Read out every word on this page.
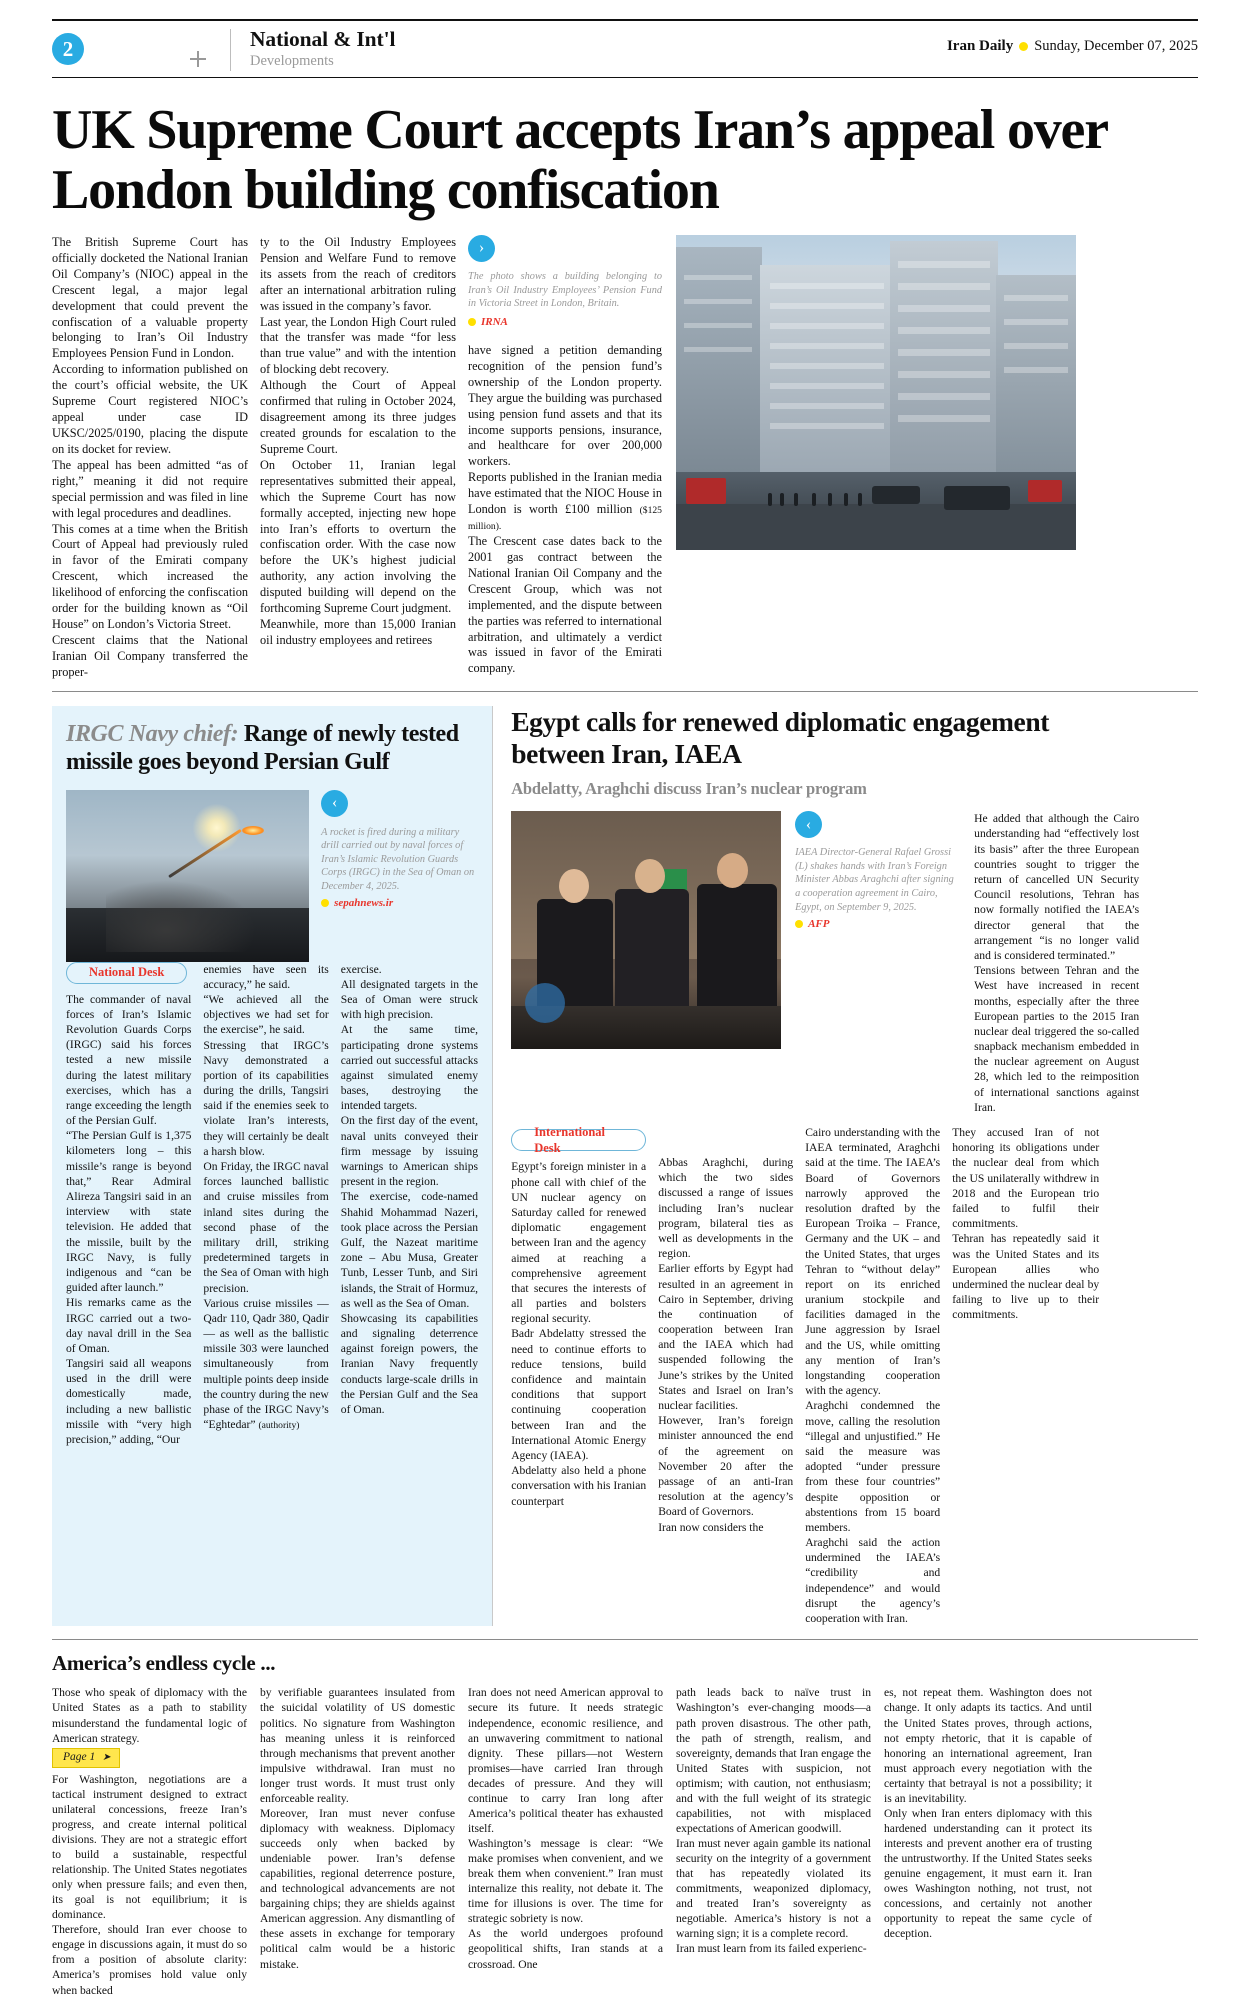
2	National & Int'l
Developments
Iran Daily Sunday, December 07, 2025
UK Supreme Court accepts Iran’s appeal over London building confiscation

The British Supreme Court has officially docketed the National Iranian Oil Company’s (NIOC) appeal in the Crescent legal, a major legal development that could prevent the confiscation of a valuable property belonging to Iran’s Oil Industry Employees Pension Fund in London.

According to information published on the court’s official website, the UK Supreme Court registered NIOC’s appeal under case ID UKSC/2025/0190, placing the dispute on its docket for review.

The appeal has been admitted “as of right,” meaning it did not require special permission and was filed in line with legal procedures and deadlines.

This comes at a time when the British Court of Appeal had previously ruled in favor of the Emirati company Crescent, which increased the likelihood of enforcing the confiscation order for the building known as “Oil House” on London’s Victoria Street.

Crescent claims that the National Iranian Oil Company transferred the proper-

ty to the Oil Industry Employees Pension and Welfare Fund to remove its assets from the reach of creditors after an international arbitration ruling was issued in the company’s favor.

Last year, the London High Court ruled that the transfer was made “for less than true value” and with the intention of blocking debt recovery.

Although the Court of Appeal confirmed that ruling in October 2024, disagreement among its three judges created grounds for escalation to the Supreme Court.

On October 11, Iranian legal representatives submitted their appeal, which the Supreme Court has now formally accepted, injecting new hope into Iran’s efforts to overturn the confiscation order. With the case now before the UK’s highest judicial authority, any action involving the disputed building will depend on the forthcoming Supreme Court judgment.

Meanwhile, more than 15,000 Iranian oil industry employees and retirees

›
The photo shows a building belonging to Iran’s Oil Industry Employees’ Pension Fund in Victoria Street in London, Britain.
IRNA

have signed a petition demanding recognition of the pension fund’s ownership of the London property. They argue the building was purchased using pension fund assets and that its income supports pensions, insurance, and healthcare for over 200,000 workers.

Reports published in the Iranian media have estimated that the NIOC House in London is worth £100 million ($125 million).

The Crescent case dates back to the 2001 gas contract between the National Iranian Oil Company and the Crescent Group, which was not implemented, and the dispute between the parties was referred to international arbitration, and ultimately a verdict was issued in favor of the Emirati company.

IRGC Navy chief: Range of newly tested missile goes beyond Persian Gulf
‹
A rocket is fired during a military drill carried out by naval forces of Iran’s Islamic Revolution Guards Corps (IRGC) in the Sea of Oman on December 4, 2025.
sepahnews.ir
National Desk

The commander of naval forces of Iran’s Islamic Revolution Guards Corps (IRGC) said his forces tested a new missile during the latest military exercises, which has a range exceeding the length of the Persian Gulf.

“The Persian Gulf is 1,375 kilometers long – this missile’s range is beyond that,” Rear Admiral Alireza Tangsiri said in an interview with state television. He added that the missile, built by the IRGC Navy, is fully indigenous and “can be guided after launch.”

His remarks came as the IRGC carried out a two-day naval drill in the Sea of Oman.

Tangsiri said all weapons used in the drill were domestically made, including a new ballistic missile with “very high precision,” adding, “Our

enemies have seen its accuracy,” he said.

“We achieved all the objectives we had set for the exercise”, he said.

Stressing that IRGC’s Navy demonstrated a portion of its capabilities during the drills, Tangsiri said if the enemies seek to violate Iran’s interests, they will certainly be dealt a harsh blow.

On Friday, the IRGC naval forces launched ballistic and cruise missiles from inland sites during the second phase of the military drill, striking predetermined targets in the Sea of Oman with high precision.

Various cruise missiles — Qadr 110, Qadr 380, Qadir — as well as the ballistic missile 303 were launched simultaneously from multiple points deep inside the country during the new phase of the IRGC Navy’s “Eghtedar” (authority)

exercise.

All designated targets in the Sea of Oman were struck with high precision.

At the same time, participating drone systems carried out successful attacks against simulated enemy bases, destroying the intended targets.

On the first day of the event, naval units conveyed their firm message by issuing warnings to American ships present in the region.

The exercise, code-named Shahid Mohammad Nazeri, took place across the Persian Gulf, the Nazeat maritime zone – Abu Musa, Greater Tunb, Lesser Tunb, and Siri islands, the Strait of Hormuz, as well as the Sea of Oman.

Showcasing its capabilities and signaling deterrence against foreign powers, the Iranian Navy frequently conducts large-scale drills in the Persian Gulf and the Sea of Oman.

Egypt calls for renewed diplomatic engagement between Iran, IAEA
Abdelatty, Araghchi discuss Iran’s nuclear program
‹
IAEA Director-General Rafael Grossi (L) shakes hands with Iran’s Foreign Minister Abbas Araghchi after signing a cooperation agreement in Cairo, Egypt, on September 9, 2025.
AFP

He added that although the Cairo understanding had “effectively lost its basis” after the three European countries sought to trigger the return of cancelled UN Security Council resolutions, Tehran has now formally notified the IAEA’s director general that the arrangement “is no longer valid and is considered terminated.”

Tensions between Tehran and the West have increased in recent months, especially after the three European parties to the 2015 Iran nuclear deal triggered the so-called snapback mechanism embedded in the nuclear agreement on August 28, which led to the reimposition of international sanctions against Iran.

International Desk

Egypt’s foreign minister in a phone call with chief of the UN nuclear agency on Saturday called for renewed diplomatic engagement between Iran and the agency aimed at reaching a comprehensive agreement that secures the interests of all parties and bolsters regional security.

Badr Abdelatty stressed the need to continue efforts to reduce tensions, build confidence and maintain conditions that support continuing cooperation between Iran and the International Atomic Energy Agency (IAEA).

Abdelatty also held a phone conversation with his Iranian counterpart

Abbas Araghchi, during which the two sides discussed a range of issues including Iran’s nuclear program, bilateral ties as well as developments in the region.

Earlier efforts by Egypt had resulted in an agreement in Cairo in September, driving the continuation of cooperation between Iran and the IAEA which had suspended following the June’s strikes by the United States and Israel on Iran’s nuclear facilities.

However, Iran’s foreign minister announced the end of the agreement on November 20 after the passage of an anti-Iran resolution at the agency’s Board of Governors.

Iran now considers the

Cairo understanding with the IAEA terminated, Araghchi said at the time. The IAEA’s Board of Governors narrowly approved the resolution drafted by the European Troika – France, Germany and the UK – and the United States, that urges Tehran to “without delay” report on its enriched uranium stockpile and facilities damaged in the June aggression by Israel and the US, while omitting any mention of Iran’s longstanding cooperation with the agency.

Araghchi condemned the move, calling the resolution “illegal and unjustified.” He said the measure was adopted “under pressure from these four countries” despite opposition or abstentions from 15 board members.

Araghchi said the action undermined the IAEA’s “credibility and independence” and would disrupt the agency’s cooperation with Iran.

They accused Iran of not honoring its obligations under the nuclear deal from which the US unilaterally withdrew in 2018 and the European trio failed to fulfil their commitments.

Tehran has repeatedly said it was the United States and its European allies who undermined the nuclear deal by failing to live up to their commitments.

America’s endless cycle ...

Those who speak of diplomacy with the United States as a path to stability misunderstand the fundamental logic of American strategy.

Page 1 ➤

For Washington, negotiations are a tactical instrument designed to extract unilateral concessions, freeze Iran’s progress, and create internal political divisions. They are not a strategic effort to build a sustainable, respectful relationship. The United States negotiates only when pressure fails; and even then, its goal is not equilibrium; it is dominance.

Therefore, should Iran ever choose to engage in discussions again, it must do so from a position of absolute clarity: America’s promises hold value only when backed

by verifiable guarantees insulated from the suicidal volatility of US domestic politics. No signature from Washington has meaning unless it is reinforced through mechanisms that prevent another impulsive withdrawal. Iran must no longer trust words. It must trust only enforceable reality.

Moreover, Iran must never confuse diplomacy with weakness. Diplomacy succeeds only when backed by undeniable power. Iran’s defense capabilities, regional deterrence posture, and technological advancements are not bargaining chips; they are shields against American aggression. Any dismantling of these assets in exchange for temporary political calm would be a historic mistake.

Iran does not need American approval to secure its future. It needs strategic independence, economic resilience, and an unwavering commitment to national dignity. These pillars—not Western promises—have carried Iran through decades of pressure. And they will continue to carry Iran long after America’s political theater has exhausted itself.

Washington’s message is clear: “We make promises when convenient, and we break them when convenient.” Iran must internalize this reality, not debate it. The time for illusions is over. The time for strategic sobriety is now.

As the world undergoes profound geopolitical shifts, Iran stands at a crossroad. One

path leads back to naïve trust in Washington’s ever-changing moods—a path proven disastrous. The other path, the path of strength, realism, and sovereignty, demands that Iran engage the United States with suspicion, not optimism; with caution, not enthusiasm; and with the full weight of its strategic capabilities, not with misplaced expectations of American goodwill.

Iran must never again gamble its national security on the integrity of a government that has repeatedly violated its commitments, weaponized diplomacy, and treated Iran’s sovereignty as negotiable. America’s history is not a warning sign; it is a complete record.

Iran must learn from its failed experienc-

es, not repeat them. Washington does not change. It only adapts its tactics. And until the United States proves, through actions, not empty rhetoric, that it is capable of honoring an international agreement, Iran must approach every negotiation with the certainty that betrayal is not a possibility; it is an inevitability.

Only when Iran enters diplomacy with this hardened understanding can it protect its interests and prevent another era of trusting the untrustworthy. If the United States seeks genuine engagement, it must earn it. Iran owes Washington nothing, not trust, not concessions, and certainly not another opportunity to repeat the same cycle of deception.
